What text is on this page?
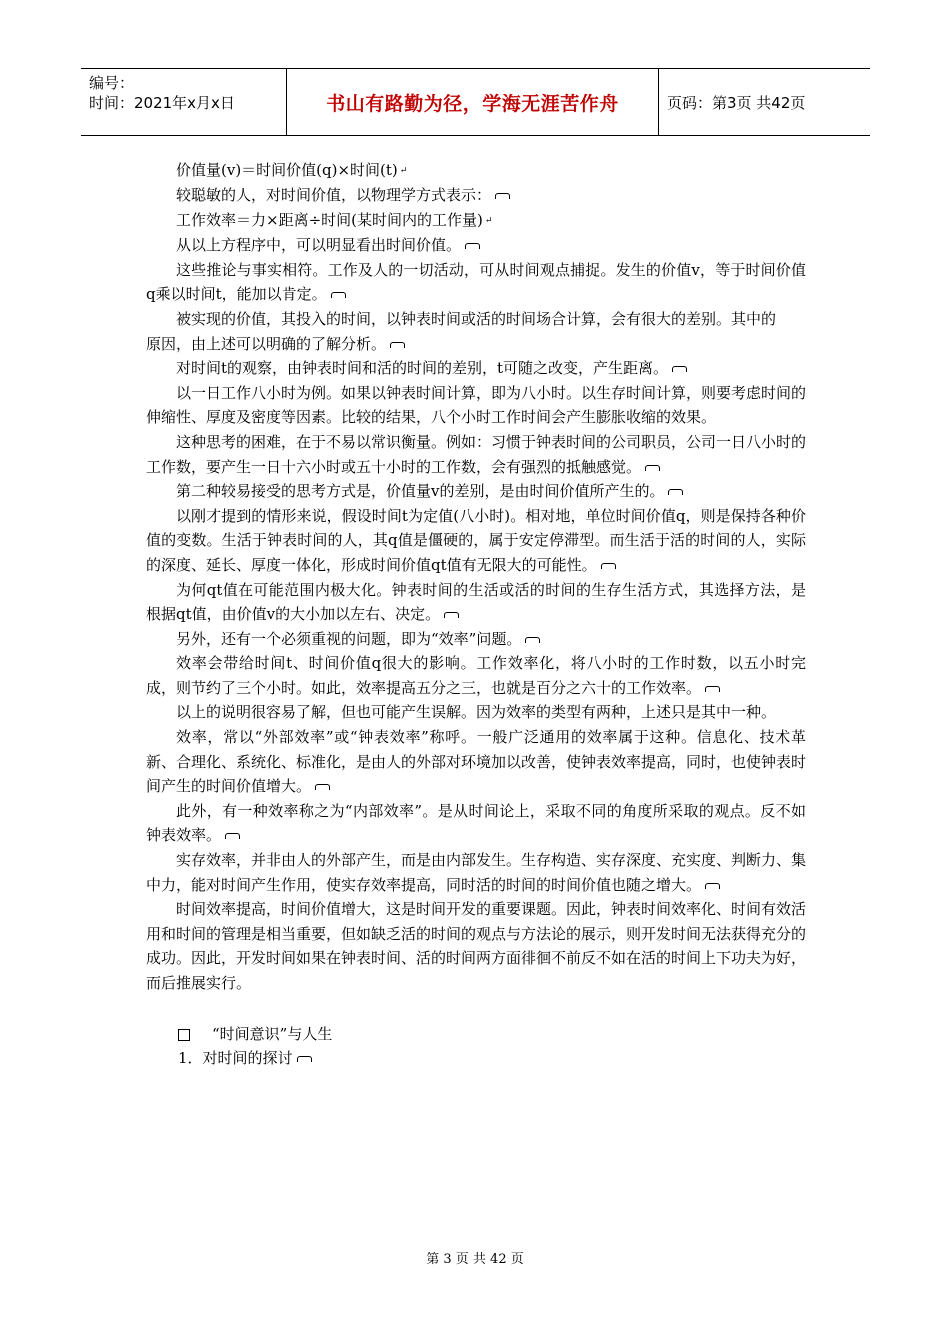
编号：
时间：2021年x月x日	书山有路勤为径，学海无涯苦作舟	页码：第3页 共42页

价值量(v)＝时间价值(q)×时间(t) ↵

较聪敏的人，对时间价值，以物理学方式表示：

工作效率＝力×距离÷时间(某时间内的工作量) ↵

从以上方程序中，可以明显看出时间价值。

这些推论与事实相符。工作及人的一切活动，可从时间观点捕捉。发生的价值v，等于时间价值q乘以时间t，能加以肯定。

被实现的价值，其投入的时间，以钟表时间或活的时间场合计算，会有很大的差别。其中的

原因，由上述可以明确的了解分析。

对时间t的观察，由钟表时间和活的时间的差别，t可随之改变，产生距离。

以一日工作八小时为例。如果以钟表时间计算，即为八小时。以生存时间计算，则要考虑时间的伸缩性、厚度及密度等因素。比较的结果，八个小时工作时间会产生膨胀收缩的效果。

这种思考的困难，在于不易以常识衡量。例如：习惯于钟表时间的公司职员，公司一日八小时的工作数，要产生一日十六小时或五十小时的工作数，会有强烈的抵触感觉。

第二种较易接受的思考方式是，价值量v的差别，是由时间价值所产生的。

以刚才提到的情形来说，假设时间t为定值(八小时)。相对地，单位时间价值q，则是保持各种价值的变数。生活于钟表时间的人，其q值是僵硬的，属于安定停滞型。而生活于活的时间的人，实际的深度、延长、厚度一体化，形成时间价值qt值有无限大的可能性。

为何qt值在可能范围内极大化。钟表时间的生活或活的时间的生存生活方式，其选择方法，是根据qt值，由价值v的大小加以左右、决定。

另外，还有一个必须重视的问题，即为“效率”问题。

效率会带给时间t、时间价值q很大的影响。工作效率化，将八小时的工作时数，以五小时完成，则节约了三个小时。如此，效率提高五分之三，也就是百分之六十的工作效率。

以上的说明很容易了解，但也可能产生误解。因为效率的类型有两种，上述只是其中一种。

效率，常以“外部效率”或“钟表效率”称呼。一般广泛通用的效率属于这种。信息化、技术革新、合理化、系统化、标准化，是由人的外部对环境加以改善，使钟表效率提高，同时，也使钟表时间产生的时间价值增大。

此外，有一种效率称之为“内部效率”。是从时间论上，采取不同的角度所采取的观点。反不如钟表效率。

实存效率，并非由人的外部产生，而是由内部发生。生存构造、实存深度、充实度、判断力、集中力，能对时间产生作用，使实存效率提高，同时活的时间的时间价值也随之增大。

时间效率提高，时间价值增大，这是时间开发的重要课题。因此，钟表时间效率化、时间有效活用和时间的管理是相当重要，但如缺乏活的时间的观点与方法论的展示，则开发时间无法获得充分的成功。因此，开发时间如果在钟表时间、活的时间两方面徘徊不前反不如在活的时间上下功夫为好，而后推展实行。

“时间意识”与人生
1．对时间的探讨
第 3 页 共 42 页
